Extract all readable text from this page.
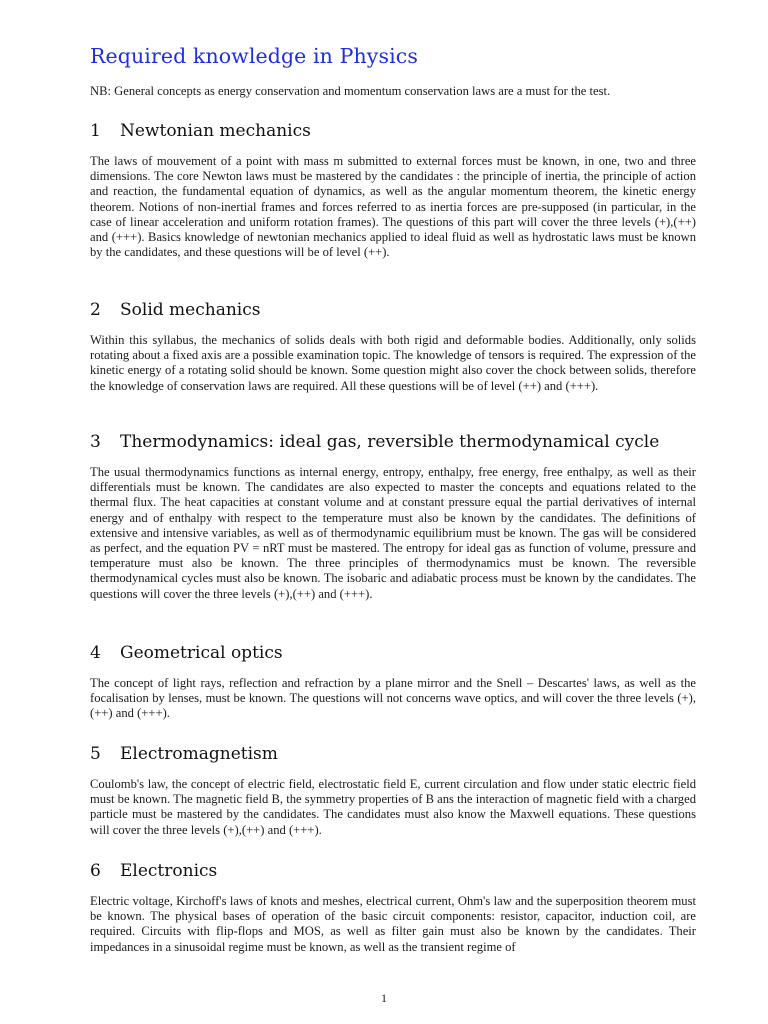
Required knowledge in Physics

NB: General concepts as energy conservation and momentum conservation laws are a must for the test.

1 Newtonian mechanics

The laws of mouvement of a point with mass m submitted to external forces must be known, in one, two and three dimensions. The core Newton laws must be mastered by the candidates : the principle of inertia, the principle of action and reaction, the fundamental equation of dynamics, as well as the angular momentum theorem, the kinetic energy theorem. Notions of non-inertial frames and forces referred to as inertia forces are pre-supposed (in particular, in the case of linear acceleration and uniform rotation frames). The questions of this part will cover the three levels (+),(++) and (+++). Basics knowledge of newtonian mechanics applied to ideal fluid as well as hydrostatic laws must be known by the candidates, and these questions will be of level (++).

2 Solid mechanics

Within this syllabus, the mechanics of solids deals with both rigid and deformable bodies. Additionally, only solids rotating about a fixed axis are a possible examination topic. The knowledge of tensors is required. The expression of the kinetic energy of a rotating solid should be known. Some question might also cover the chock between solids, therefore the knowledge of conservation laws are required. All these questions will be of level (++) and (+++).

3 Thermodynamics: ideal gas, reversible thermodynamical cycle

The usual thermodynamics functions as internal energy, entropy, enthalpy, free energy, free enthalpy, as well as their differentials must be known. The candidates are also expected to master the concepts and equations related to the thermal flux. The heat capacities at constant volume and at constant pressure equal the partial derivatives of internal energy and of enthalpy with respect to the temperature must also be known by the candidates. The definitions of extensive and intensive variables, as well as of thermodynamic equilibrium must be known. The gas will be considered as perfect, and the equation PV = nRT must be mastered. The entropy for ideal gas as function of volume, pressure and temperature must also be known. The three principles of thermodynamics must be known. The reversible thermodynamical cycles must also be known. The isobaric and adiabatic process must be known by the candidates. The questions will cover the three levels (+),(++) and (+++).

4 Geometrical optics

The concept of light rays, reflection and refraction by a plane mirror and the Snell – Descartes' laws, as well as the focalisation by lenses, must be known. The questions will not concerns wave optics, and will cover the three levels (+),(++) and (+++).

5 Electromagnetism

Coulomb's law, the concept of electric field, electrostatic field E, current circulation and flow under static electric field must be known. The magnetic field B, the symmetry properties of B ans the interaction of magnetic field with a charged particle must be mastered by the candidates. The candidates must also know the Maxwell equations. These questions will cover the three levels (+),(++) and (+++).

6 Electronics

Electric voltage, Kirchoff's laws of knots and meshes, electrical current, Ohm's law and the superposition theorem must be known. The physical bases of operation of the basic circuit components: resistor, capacitor, induction coil, are required. Circuits with flip-flops and MOS, as well as filter gain must also be known by the candidates. Their impedances in a sinusoidal regime must be known, as well as the transient regime of

1
